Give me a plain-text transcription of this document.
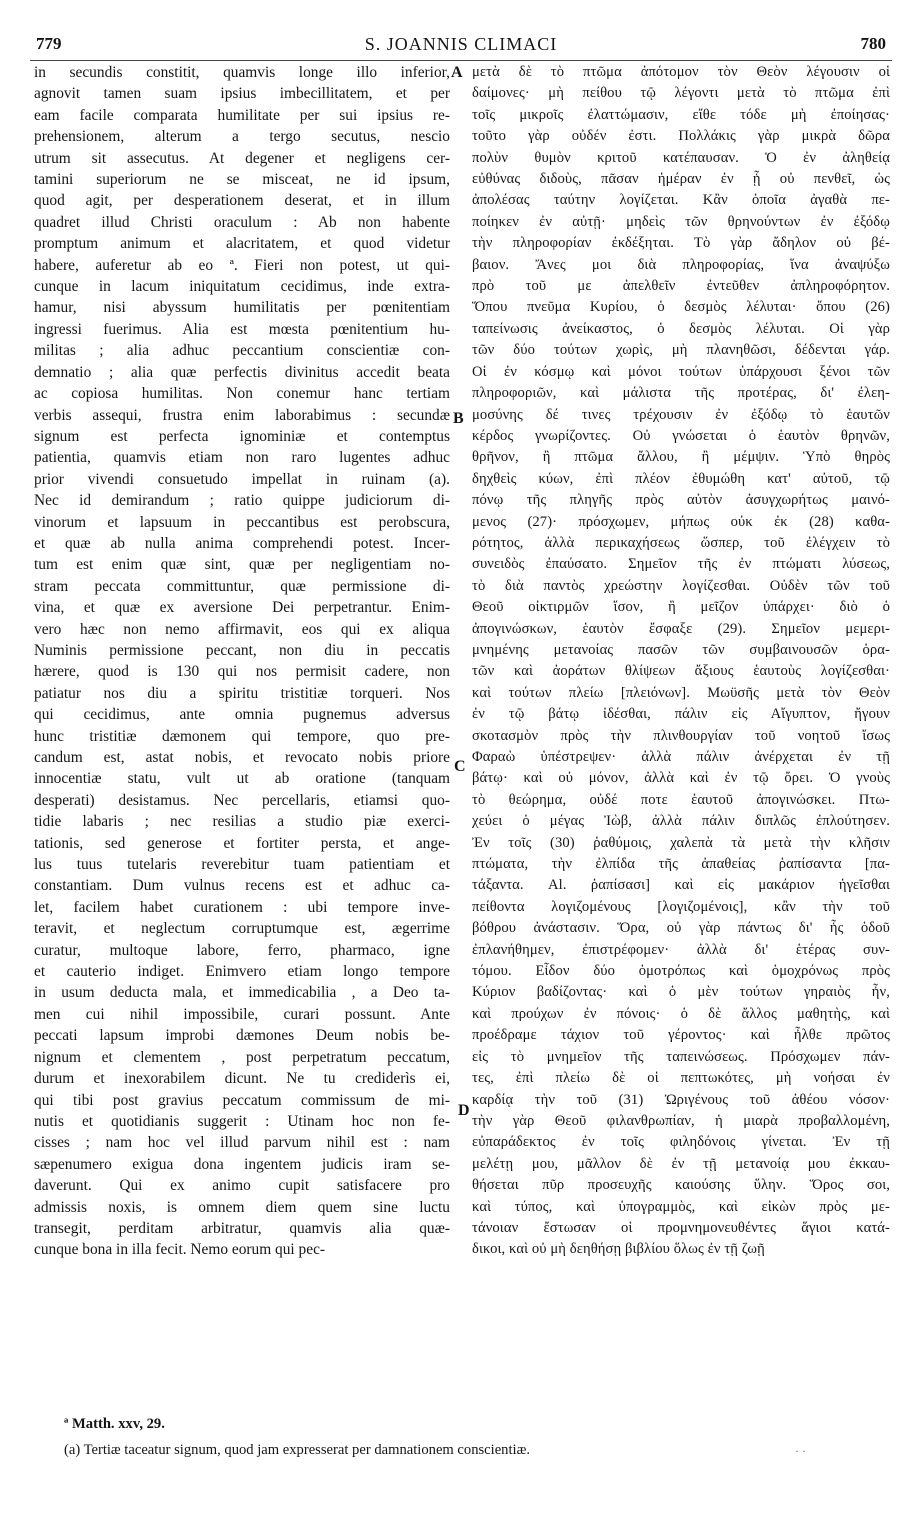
779	S. JOANNIS CLIMACI	780
in secundis constitit, quamvis longe illo inferior,
agnovit tamen suam ipsius imbecillitatem, et per
eam facile comparata humilitate per sui ipsius re-
prehensionem, alterum a tergo secutus, nescio
utrum sit assecutus. At degener et negligens cer-
tamini superiorum ne se misceat, ne id ipsum,
quod agit, per desperationem deserat, et in illum
quadret illud Christi oraculum : Ab non habente
promptum animum et alacritatem, et quod videtur
habere, auferetur ab eo ª. Fieri non potest, ut qui-
cunque in lacum iniquitatum cecidimus, inde extra-
hamur, nisi abyssum humilitatis per pœnitentiam
ingressi fuerimus. Alia est mœsta pœnitentium hu-
militas ; alia adhuc peccantium conscientiæ con-
demnatio ; alia quæ perfectis divinitus accedit beata
ac copiosa humilitas. Non conemur hanc tertiam
verbis assequi, frustra enim laborabimus : secundæ
signum est perfecta ignominiæ et contemptus
patientia, quamvis etiam non raro lugentes adhuc
prior vivendi consuetudo impellat in ruinam (a).
Nec id demirandum ; ratio quippe judiciorum di-
vinorum et lapsuum in peccantibus est perobscura,
et quæ ab nulla anima comprehendi potest. Incer-
tum est enim quæ sint, quæ per negligentiam no-
stram peccata committuntur, quæ permissione di-
vina, et quæ ex aversione Dei perpetrantur. Enim-
vero hæc non nemo affirmavit, eos qui ex aliqua
Numinis permissione peccant, non diu in peccatis
hærere, quod is 130 qui nos permisit cadere, non
patiatur nos diu a spiritu tristitiæ torqueri. Nos
qui cecidimus, ante omnia pugnemus adversus
hunc tristitiæ dæmonem qui tempore, quo pre-
candum est, astat nobis, et revocato nobis priore
innocentiæ statu, vult ut ab oratione (tanquam
desperati) desistamus. Nec percellaris, etiamsi quo-
tidie labaris ; nec resilias a studio piæ exerci-
tationis, sed generose et fortiter persta, et ange-
lus tuus tutelaris reverebitur tuam patientiam et
constantiam. Dum vulnus recens est et adhuc ca-
let, facilem habet curationem : ubi tempore inve-
teravit, et neglectum corruptumque est, ægerrime
curatur, multoque labore, ferro, pharmaco, igne
et cauterio indiget. Enimvero etiam longo tempore
in usum deducta mala, et immedicabilia , a Deo ta-
men cui nihil impossibile, curari possunt. Ante
peccati lapsum improbi dæmones Deum nobis be-
nignum et clementem , post perpetratum peccatum,
durum et inexorabilem dicunt. Ne tu crediderìs ei,
qui tibi post gravius peccatum commissum de mi-
nutis et quotidianis suggerit : Utinam hoc non fe-
cisses ; nam hoc vel illud parvum nihil est : nam
sæpenumero exigua dona ingentem judicis iram se-
daverunt. Qui ex animo cupit satisfacere pro
admissis noxis, is omnem diem quem sine luctu
transegit, perditam arbitratur, quamvis alia quæ-
cunque bona in illa fecit. Nemo eorum qui pec-
μετὰ δὲ τὸ πτῶμα ἀπότομον τὸν Θεὸν λέγουσιν οἱ
δαίμονες· μὴ πείθου τῷ λέγοντι μετὰ τὸ πτῶμα ἐπὶ
τοῖς μικροῖς ἐλαττώμασιν, εἴθε τόδε μὴ ἐποίησας·
τοῦτο γὰρ οὐδέν ἐστι. Πολλάκις γὰρ μικρὰ δῶρα
πολὺν θυμὸν κριτοῦ κατέπαυσαν. Ὁ ἐν ἀληθείᾳ
εὐθύνας διδοὺς, πᾶσαν ἡμέραν ἐν ᾗ οὐ πενθεῖ, ὡς
ἀπολέσας ταύτην λογίζεται. Κἂν ὁποῖα ἀγαθὰ πε-
ποίηκεν ἐν αὐτῇ· μηδεὶς τῶν θρηνούντων ἐν ἐξόδῳ
τὴν πληροφορίαν ἐκδέξηται. Τὸ γὰρ ἄδηλον οὐ βέ-
βαιον. Ἄνες μοι διὰ πληροφορίας, ἵνα ἀναψύξω
πρὸ τοῦ με ἀπελθεῖν ἐντεῦθεν ἀπληροφόρητον.
Ὅπου πνεῦμα Κυρίου, ὁ δεσμὸς λέλυται· ὅπου (26)
ταπείνωσις ἀνείκαστος, ὁ δεσμὸς λέλυται. Οἱ γὰρ
τῶν δύο τούτων χωρὶς, μὴ πλανηθῶσι, δέδενται γάρ.
Οἱ ἐν κόσμῳ καὶ μόνοι τούτων ὑπάρχουσι ξένοι τῶν
πληροφοριῶν, καὶ μάλιστα τῆς προτέρας, δι' ἐλεη-
μοσύνης δέ τινες τρέχουσιν ἐν ἐξόδῳ τὸ ἑαυτῶν
κέρδος γνωρίζοντες. Οὐ γνώσεται ὁ ἑαυτὸν θρηνῶν,
θρῆνον, ἢ πτῶμα ἄλλου, ἢ μέμψιν. Ὑπὸ θηρὸς
δηχθεὶς κύων, ἐπὶ πλέον ἐθυμώθη κατ' αὐτοῦ, τῷ
πόνῳ τῆς πληγῆς πρὸς αὐτὸν ἀσυγχωρήτως μαινό-
μενος (27)· πρόσχωμεν, μήπως οὐκ ἐκ (28) καθα-
ρότητος, ἀλλὰ περικαχήσεως ὥσπερ, τοῦ ἐλέγχειν τὸ
συνειδὸς ἐπαύσατο. Σημεῖον τῆς ἐν πτώματι λύσεως,
τὸ διὰ παντὸς χρεώστην λογίζεσθαι. Οὐδὲν τῶν τοῦ
Θεοῦ οἰκτιρμῶν ἴσον, ἢ μεῖζον ὑπάρχει· διὸ ὁ
ἀπογινώσκων, ἑαυτὸν ἔσφαξε (29). Σημεῖον μεμερι-
μνημένης μετανοίας πασῶν τῶν συμβαινουσῶν ὁρα-
τῶν καὶ ἀοράτων θλίψεων ἄξιους ἑαυτοὺς λογίζεσθαι·
καὶ τούτων πλείω [πλειόνων]. Μωϋσῆς μετὰ τὸν Θεὸν
ἐν τῷ βάτῳ ἰδέσθαι, πάλιν εἰς Αἴγυπτον, ἤγουν
σκοτασμὸν πρὸς τὴν πλινθουργίαν τοῦ νοητοῦ ἴσως
Φαραὼ ὑπέστρεψεν· ἀλλὰ πάλιν ἀνέρχεται ἐν τῇ
βάτῳ· καὶ οὐ μόνον, ἀλλὰ καὶ ἐν τῷ ὄρει. Ὁ γνοὺς
τὸ θεώρημα, οὐδέ ποτε ἑαυτοῦ ἀπογινώσκει. Πτω-
χεύει ὁ μέγας Ἰὼβ, ἀλλὰ πάλιν διπλῶς ἐπλούτησεν.
Ἐν τοῖς (30) ῥαθύμοις, χαλεπὰ τὰ μετὰ τὴν κλῆσιν
πτώματα, τὴν ἐλπίδα τῆς ἀπαθείας ῥαπίσαντα [πα-
τάξαντα. Al. ῥαπίσασι] καὶ εἰς μακάριον ἡγεῖσθαι
πείθοντα λογιζομένους [λογιζομένοις], κἂν τὴν τοῦ
βόθρου ἀνάστασιν. Ὅρα, οὐ γὰρ πάντως δι' ἧς ὁδοῦ
ἐπλανήθημεν, ἐπιστρέφομεν· ἀλλὰ δι' ἑτέρας συν-
τόμου. Εἶδον δύο ὁμοτρόπως καὶ ὁμοχρόνως πρὸς
Κύριον βαδίζοντας· καὶ ὁ μὲν τούτων γηραιὸς ἦν,
καὶ προύχων ἐν πόνοις· ὁ δὲ ἄλλος μαθητὴς, καὶ
προέδραμε τάχιον τοῦ γέροντος· καὶ ἦλθε πρῶτος
εἰς τὸ μνημεῖον τῆς ταπεινώσεως. Πρόσχωμεν πάν-
τες, ἐπὶ πλείω δὲ οἱ πεπτωκότες, μὴ νοήσαι ἐν
καρδίᾳ τὴν τοῦ (31) Ὠριγένους τοῦ ἀθέου νόσον·
τὴν γὰρ Θεοῦ φιλανθρωπίαν, ἡ μιαρὰ προβαλλομένη,
εὐπαράδεκτος ἐν τοῖς φιληδόνοις γίνεται. Ἐν τῇ
μελέτῃ μου, μᾶλλον δὲ ἐν τῇ μετανοίᾳ μου ἐκκαυ-
θήσεται πῦρ προσευχῆς καιούσης ὕλην. Ὅρος σοι,
καὶ τύπος, καὶ ὑπογραμμὸς, καὶ εἰκὼν πρὸς με-
τάνοιαν ἔστωσαν οἱ προμνημονευθέντες ἅγιοι κατά-
δικοι, καὶ οὐ μὴ δεηθήσῃ βιβλίου ὅλως ἐν τῇ ζωῇ
A
B
C
D
ª Matth. xxv, 29.
(a) Tertiæ taceatur signum, quod jam expresserat per damnationem conscientiæ.	· ·
